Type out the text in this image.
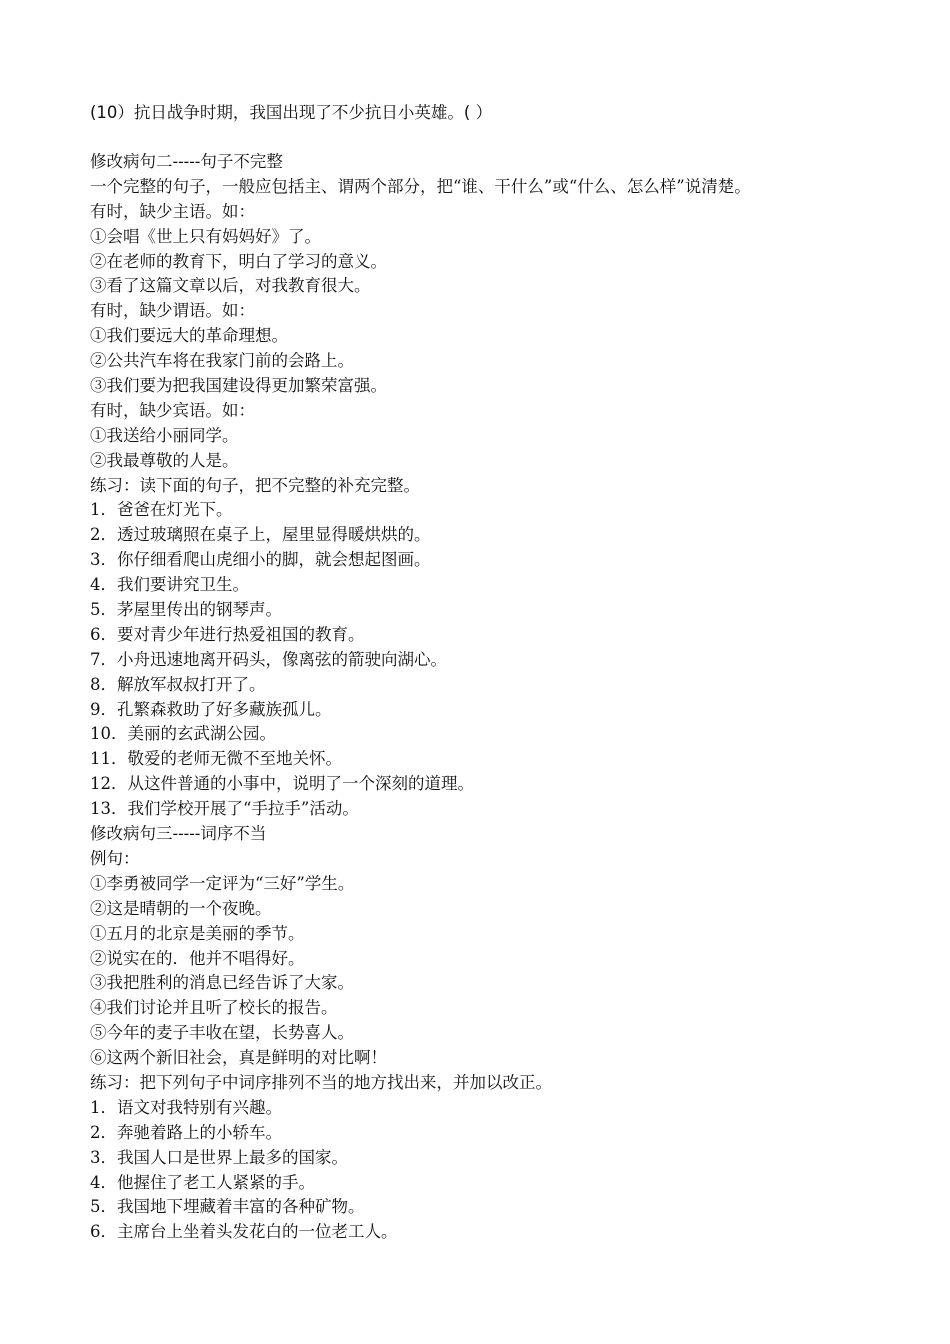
(10）抗日战争时期，我国出现了不少抗日小英雄。( ）
修改病句二-----句子不完整
一个完整的句子，一般应包括主、谓两个部分，把“谁、干什么”或“什么、怎么样”说清楚。
有时，缺少主语。如：
①会唱《世上只有妈妈好》了。
②在老师的教育下，明白了学习的意义。
③看了这篇文章以后，对我教育很大。
有时，缺少谓语。如：
①我们要远大的革命理想。
②公共汽车将在我家门前的会路上。
③我们要为把我国建设得更加繁荣富强。
有时，缺少宾语。如：
①我送给小丽同学。
②我最尊敬的人是。
练习：读下面的句子，把不完整的补充完整。
1．爸爸在灯光下。
2．透过玻璃照在桌子上，屋里显得暖烘烘的。
3．你仔细看爬山虎细小的脚，就会想起图画。
4．我们要讲究卫生。
5．茅屋里传出的钢琴声。
6．要对青少年进行热爱祖国的教育。
7．小舟迅速地离开码头，像离弦的箭驶向湖心。
8．解放军叔叔打开了。
9．孔繁森救助了好多藏族孤儿。
10．美丽的玄武湖公园。
11．敬爱的老师无微不至地关怀。
12．从这件普通的小事中，说明了一个深刻的道理。
13．我们学校开展了“手拉手”活动。
修改病句三-----词序不当
例句：
①李勇被同学一定评为“三好”学生。
②这是晴朝的一个夜晚。
①五月的北京是美丽的季节。
②说实在的．他并不唱得好。
③我把胜利的消息已经告诉了大家。
④我们讨论并且听了校长的报告。
⑤今年的麦子丰收在望，长势喜人。
⑥这两个新旧社会，真是鲜明的对比啊！
练习：把下列句子中词序排列不当的地方找出来，并加以改正。
1．语文对我特别有兴趣。
2．奔驰着路上的小轿车。
3．我国人口是世界上最多的国家。
4．他握住了老工人紧紧的手。
5．我国地下埋藏着丰富的各种矿物。
6．主席台上坐着头发花白的一位老工人。
